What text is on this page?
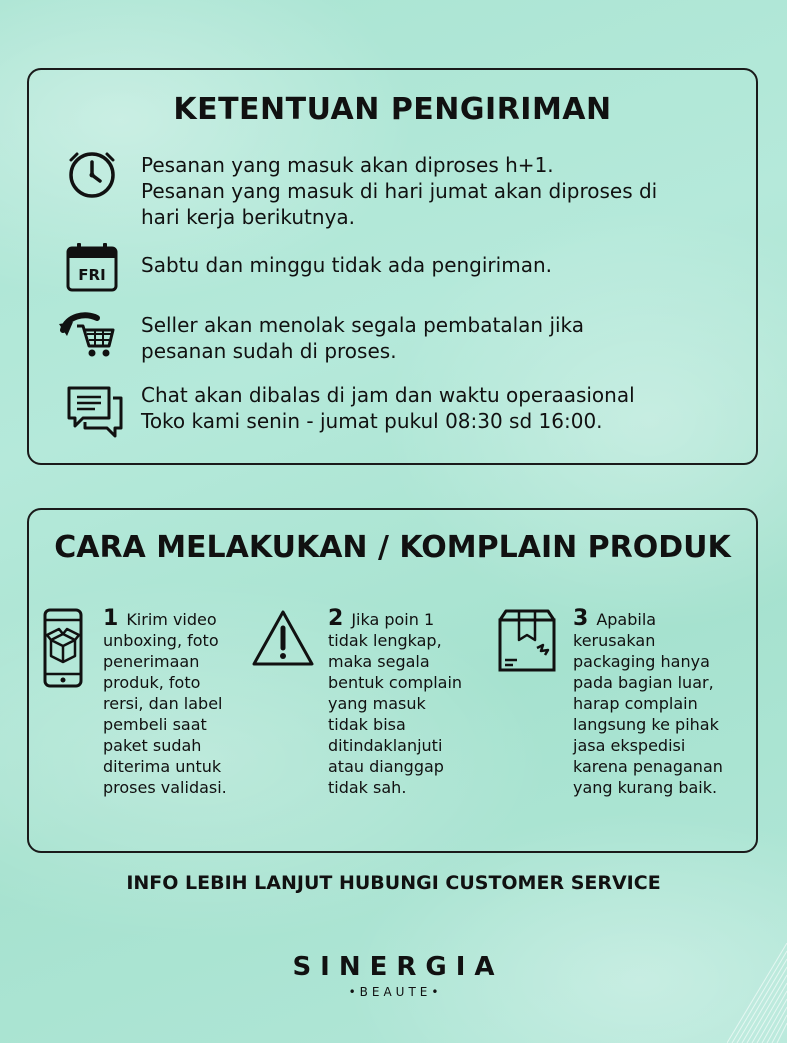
KETENTUAN PENGIRIMAN
Pesanan yang masuk akan diproses h+1.
Pesanan yang masuk di hari jumat akan diproses di
hari kerja berikutnya.
FRI Sabtu dan minggu tidak ada pengiriman.
Seller akan menolak segala pembatalan jika
pesanan sudah di proses.
Chat akan dibalas di jam dan waktu operaasional
Toko kami senin - jumat pukul 08:30 sd 16:00.
CARA MELAKUKAN / KOMPLAIN PRODUK
1 Kirim video
unboxing, foto
penerimaan
produk, foto
rersi, dan label
pembeli saat
paket sudah
diterima untuk
proses validasi.
2 Jika poin 1
tidak lengkap,
maka segala
bentuk complain
yang masuk
tidak bisa
ditindaklanjuti
atau dianggap
tidak sah.
3 Apabila
kerusakan
packaging hanya
pada bagian luar,
harap complain
langsung ke pihak
jasa ekspedisi
karena penaganan
yang kurang baik.
INFO LEBIH LANJUT HUBUNGI CUSTOMER SERVICE
SINERGIA
•BEAUTE•
